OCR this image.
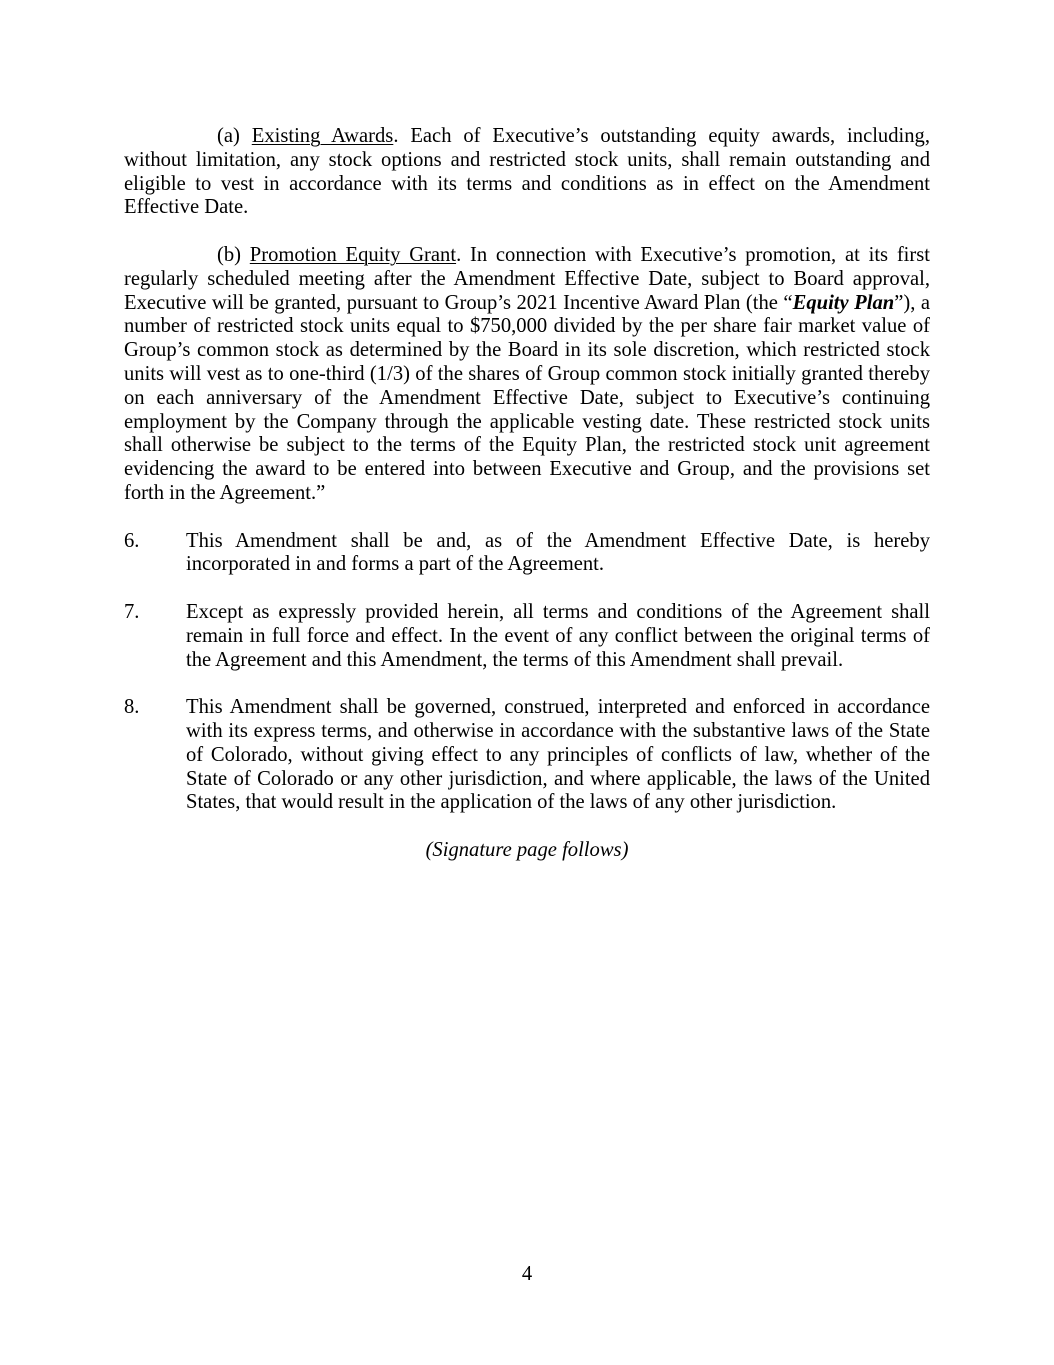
(a) Existing Awards. Each of Executive’s outstanding equity awards, including, without limitation, any stock options and restricted stock units, shall remain outstanding and eligible to vest in accordance with its terms and conditions as in effect on the Amendment Effective Date.

(b) Promotion Equity Grant. In connection with Executive’s promotion, at its first regularly scheduled meeting after the Amendment Effective Date, subject to Board approval, Executive will be granted, pursuant to Group’s 2021 Incentive Award Plan (the “Equity Plan”), a number of restricted stock units equal to $750,000 divided by the per share fair market value of Group’s common stock as determined by the Board in its sole discretion, which restricted stock units will vest as to one-third (1/3) of the shares of Group common stock initially granted thereby on each anniversary of the Amendment Effective Date, subject to Executive’s continuing employment by the Company through the applicable vesting date. These restricted stock units shall otherwise be subject to the terms of the Equity Plan, the restricted stock unit agreement evidencing the award to be entered into between Executive and Group, and the provisions set forth in the Agreement.”

6.	This Amendment shall be and, as of the Amendment Effective Date, is hereby incorporated in and forms a part of the Agreement.
7.	Except as expressly provided herein, all terms and conditions of the Agreement shall remain in full force and effect. In the event of any conflict between the original terms of the Agreement and this Amendment, the terms of this Amendment shall prevail.
8.	This Amendment shall be governed, construed, interpreted and enforced in accordance with its express terms, and otherwise in accordance with the substantive laws of the State of Colorado, without giving effect to any principles of conflicts of law, whether of the State of Colorado or any other jurisdiction, and where applicable, the laws of the United States, that would result in the application of the laws of any other jurisdiction.

(Signature page follows)

4
